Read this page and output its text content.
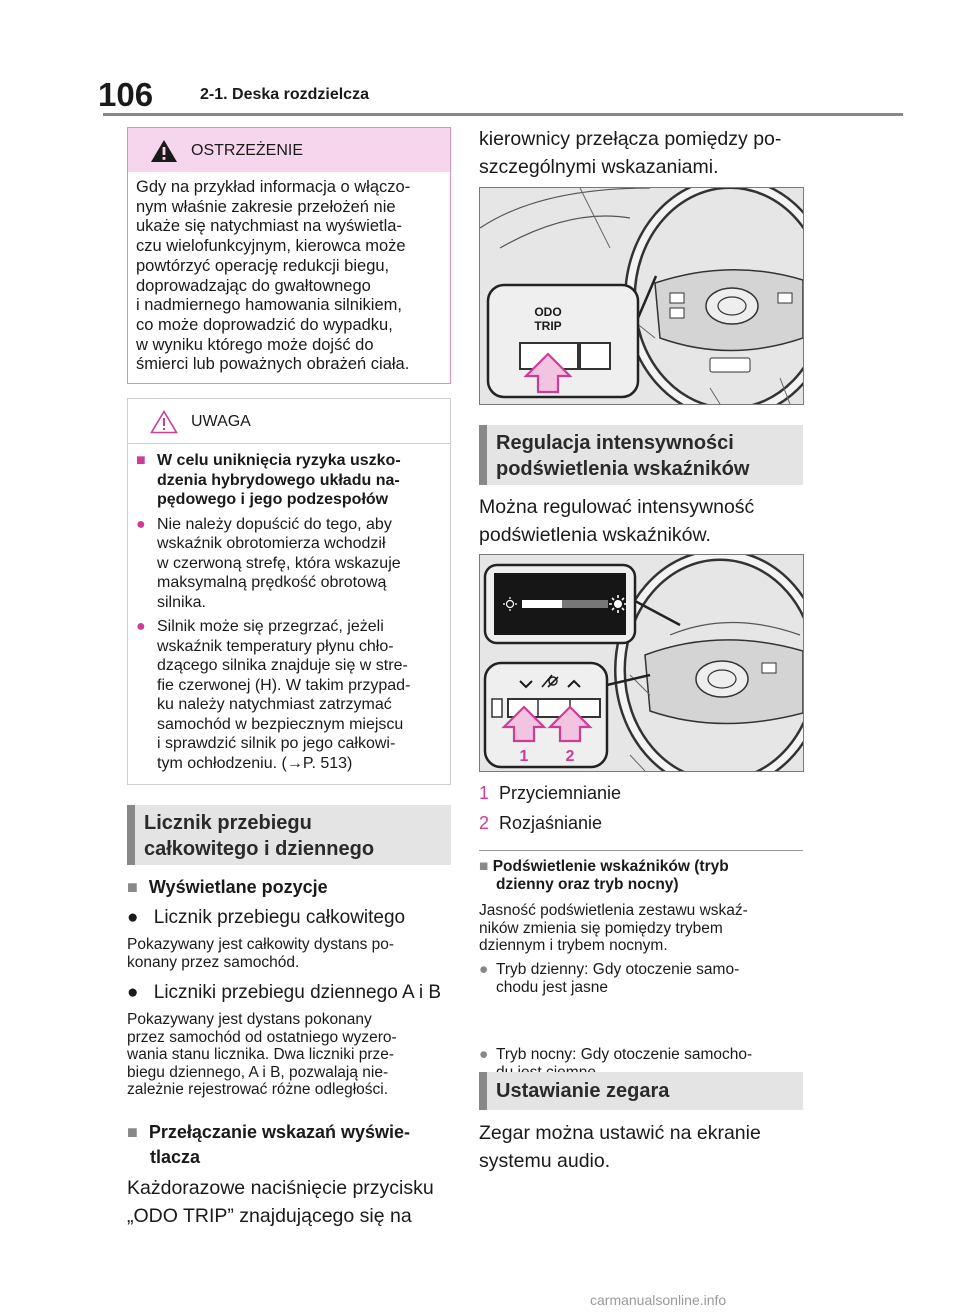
106	2-1. Deska rozdzielcza
OSTRZEŻENIE
Gdy na przykład informacja o włączo-
nym właśnie zakresie przełożeń nie
ukaże się natychmiast na wyświetla-
czu wielofunkcyjnym, kierowca może
powtórzyć operację redukcji biegu,
doprowadzając do gwałtownego
i nadmiernego hamowania silnikiem,
co może doprowadzić do wypadku,
w wyniku którego może dojść do
śmierci lub poważnych obrażeń ciała.
UWAGA
■ W celu uniknięcia ryzyka uszko-
dzenia hybrydowego układu na-
pędowego i jego podzespołów
● Nie należy dopuścić do tego, aby
wskaźnik obrotomierza wchodził
w czerwoną strefę, która wskazuje
maksymalną prędkość obrotową
silnika.
● Silnik może się przegrzać, jeżeli
wskaźnik temperatury płynu chło-
dzącego silnika znajduje się w stre-
fie czerwonej (H). W takim przypad-
ku należy natychmiast zatrzymać
samochód w bezpiecznym miejscu
i sprawdzić silnik po jego całkowi-
tym ochłodzeniu. (→P. 513)
Licznik przebiegu
całkowitego i dziennego
■ Wyświetlane pozycje
● Licznik przebiegu całkowitego
Pokazywany jest całkowity dystans po-
konany przez samochód.
● Liczniki przebiegu dziennego A i B
Pokazywany jest dystans pokonany
przez samochód od ostatniego wyzero-
wania stanu licznika. Dwa liczniki prze-
biegu dziennego, A i B, pozwalają nie-
zależnie rejestrować różne odległości.
■ Przełączanie wskazań wyświe-
tlacza
Każdorazowe naciśnięcie przycisku
„ODO TRIP” znajdującego się na
kierownicy przełącza pomiędzy po-
szczególnymi wskazaniami.
ODO
TRIP
Regulacja intensywności
podświetlenia wskaźników
Można regulować intensywność
podświetlenia wskaźników.
1 2
1 Przyciemnianie
2 Rozjaśnianie
■ Podświetlenie wskaźników (tryb
dzienny oraz tryb nocny)
Jasność podświetlenia zestawu wskaź-
ników zmienia się pomiędzy trybem
dziennym i trybem nocnym.
● Tryb dzienny: Gdy otoczenie samo-
chodu jest jasne
● Tryb nocny: Gdy otoczenie samocho-
Ustawianie zegara
Zegar można ustawić na ekranie
systemu audio.
carmanualsonline.info
